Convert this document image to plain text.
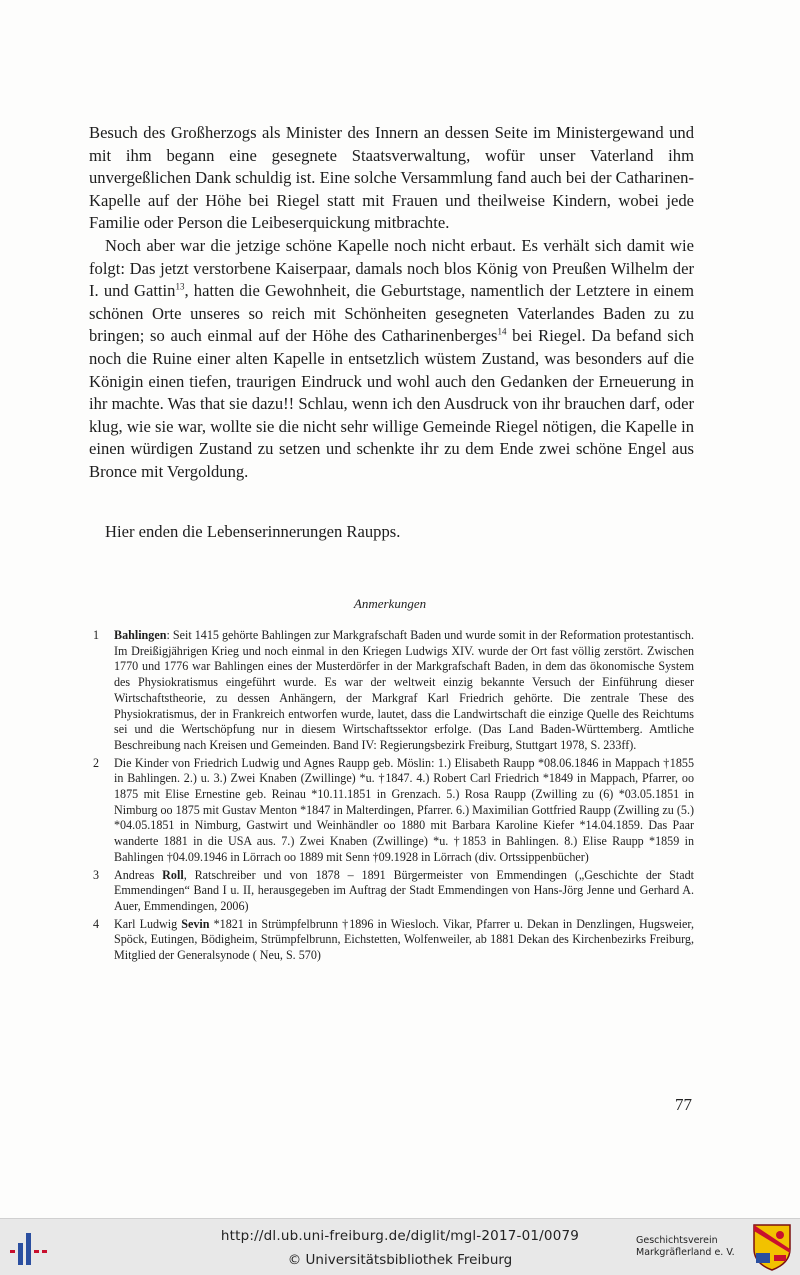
Besuch des Großherzogs als Minister des Innern an dessen Seite im Ministergewand und mit ihm begann eine gesegnete Staatsverwaltung, wofür unser Vaterland ihm unvergeßlichen Dank schuldig ist. Eine solche Versammlung fand auch bei der Catharinen-Kapelle auf der Höhe bei Riegel statt mit Frauen und theilweise Kindern, wobei jede Familie oder Person die Leibeserquickung mitbrachte.

Noch aber war die jetzige schöne Kapelle noch nicht erbaut. Es verhält sich damit wie folgt: Das jetzt verstorbene Kaiserpaar, damals noch blos König von Preußen Wilhelm der I. und Gattin$^{13}$, hatten die Gewohnheit, die Geburtstage, namentlich der Letztere in einem schönen Orte unseres so reich mit Schönheiten gesegneten Vaterlandes Baden zu zu bringen; so auch einmal auf der Höhe des Catharinenberges$^{14}$ bei Riegel. Da befand sich noch die Ruine einer alten Kapelle in entsetzlich wüstem Zustand, was besonders auf die Königin einen tiefen, traurigen Eindruck und wohl auch den Gedanken der Erneuerung in ihr machte. Was that sie dazu!! Schlau, wenn ich den Ausdruck von ihr brauchen darf, oder klug, wie sie war, wollte sie die nicht sehr willige Gemeinde Riegel nötigen, die Kapelle in einen würdigen Zustand zu setzen und schenkte ihr zu dem Ende zwei schöne Engel aus Bronce mit Vergoldung.

Hier enden die Lebenserinnerungen Raupps.
Anmerkungen
1 Bahlingen: Seit 1415 gehörte Bahlingen zur Markgrafschaft Baden und wurde somit in der Reformation protestantisch. Im Dreißigjährigen Krieg und noch einmal in den Kriegen Ludwigs XIV. wurde der Ort fast völlig zerstört. Zwischen 1770 und 1776 war Bahlingen eines der Musterdörfer in der Markgrafschaft Baden, in dem das ökonomische System des Physiokratismus eingeführt wurde. Es war der weltweit einzig bekannte Versuch der Einführung dieser Wirtschaftstheorie, zu dessen Anhängern, der Markgraf Karl Friedrich gehörte. Die zentrale These des Physiokratismus, der in Frankreich entworfen wurde, lautet, dass die Landwirtschaft die einzige Quelle des Reichtums sei und die Wertschöpfung nur in diesem Wirtschaftssektor erfolge. (Das Land Baden-Württemberg. Amtliche Beschreibung nach Kreisen und Gemeinden. Band IV: Regierungsbezirk Freiburg, Stuttgart 1978, S. 233ff).
2 Die Kinder von Friedrich Ludwig und Agnes Raupp geb. Möslin: 1.) Elisabeth Raupp *08.06.1846 in Mappach †1855 in Bahlingen. 2.) u. 3.) Zwei Knaben (Zwillinge) *u. †1847. 4.) Robert Carl Friedrich *1849 in Mappach, Pfarrer, oo 1875 mit Elise Ernestine geb. Reinau *10.11.1851 in Grenzach. 5.) Rosa Raupp (Zwilling zu (6) *03.05.1851 in Nimburg oo 1875 mit Gustav Menton *1847 in Malterdingen, Pfarrer. 6.) Maximilian Gottfried Raupp (Zwilling zu (5.) *04.05.1851 in Nimburg, Gastwirt und Weinhändler oo 1880 mit Barbara Karoline Kiefer *14.04.1859. Das Paar wanderte 1881 in die USA aus. 7.) Zwei Knaben (Zwillinge) *u. †1853 in Bahlingen. 8.) Elise Raupp *1859 in Bahlingen †04.09.1946 in Lörrach oo 1889 mit Senn †09.1928 in Lörrach (div. Ortssippenbücher)
3 Andreas Roll, Ratschreiber und von 1878 – 1891 Bürgermeister von Emmendingen („Geschichte der Stadt Emmendingen“ Band I u. II, herausgegeben im Auftrag der Stadt Emmendingen von Hans-Jörg Jenne und Gerhard A. Auer, Emmendingen, 2006)
4 Karl Ludwig Sevin *1821 in Strümpfelbrunn †1896 in Wiesloch. Vikar, Pfarrer u. Dekan in Denzlingen, Hugsweier, Spöck, Eutingen, Bödigheim, Strümpfelbrunn, Eichstetten, Wolfenweiler, ab 1881 Dekan des Kirchenbezirks Freiburg, Mitglied der Generalsynode ( Neu, S. 570)
77
http://dl.ub.uni-freiburg.de/diglit/mgl-2017-01/0079
© Universitätsbibliothek Freiburg
Geschichtsverein
Markgräflerland e. V.
